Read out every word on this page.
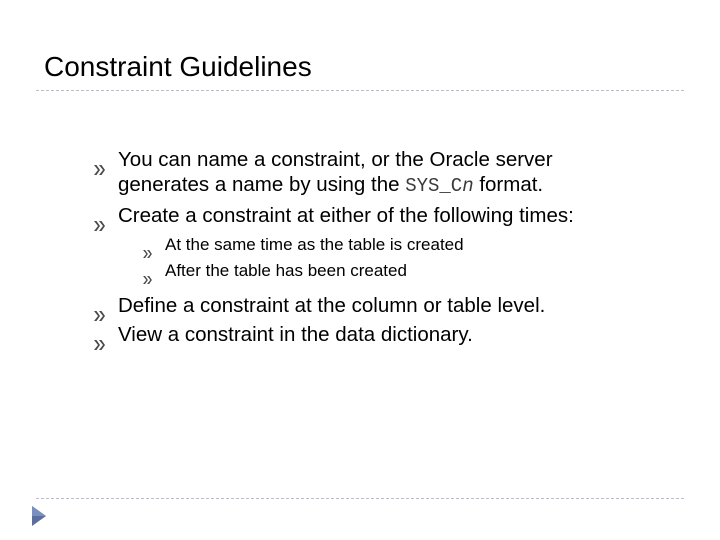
Constraint Guidelines
You can name a constraint, or the Oracle server
generates a name by using the SYS_Cn format.
Create a constraint at either of the following times:
At the same time as the table is created
After the table has been created
Define a constraint at the column or table level.
View a constraint in the data dictionary.
